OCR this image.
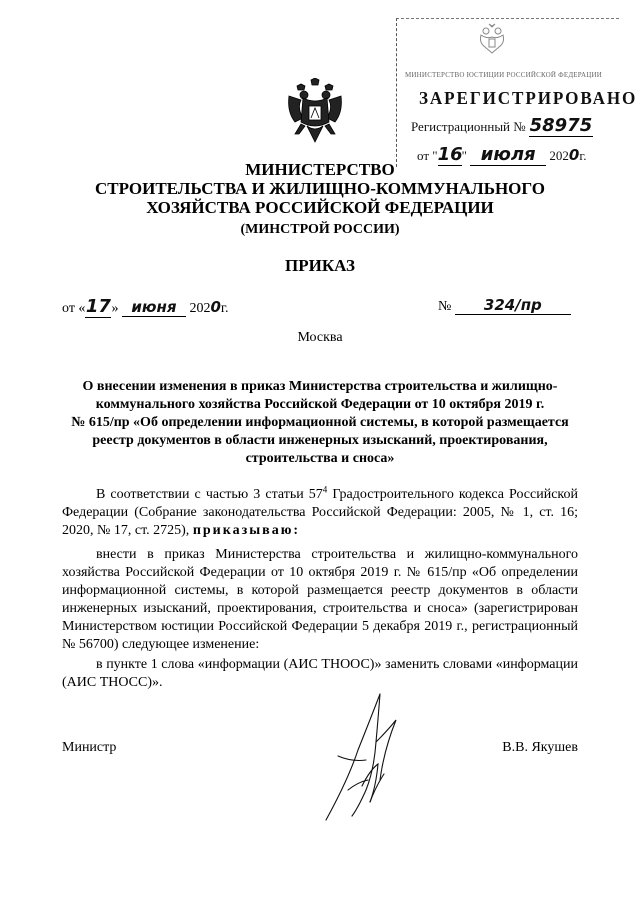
МИНИСТЕРСТВО ЮСТИЦИИ РОССИЙСКОЙ ФЕДЕРАЦИИ
ЗАРЕГИСТРИРОВАНО
Регистрационный № 58975
от "16" июля 2020г.
МИНИСТЕРСТВО
СТРОИТЕЛЬСТВА И ЖИЛИЩНО-КОММУНАЛЬНОГО
ХОЗЯЙСТВА РОССИЙСКОЙ ФЕДЕРАЦИИ
(МИНСТРОЙ РОССИИ)
ПРИКАЗ
от «17» июня 2020г.	№ 324/пр
Москва
О внесении изменения в приказ Министерства строительства и жилищно-
коммунального хозяйства Российской Федерации от 10 октября 2019 г.
№ 615/пр «Об определении информационной системы, в которой размещается
реестр документов в области инженерных изысканий, проектирования,
строительства и сноса»
В соответствии с частью 3 статьи $57^4$ Градостроительного кодекса Российской Федерации (Собрание законодательства Российской Федерации: 2005, № 1, ст. 16; 2020, № 17, ст. 2725), приказываю:
внести в приказ Министерства строительства и жилищно-коммунального хозяйства Российской Федерации от 10 октября 2019 г. № 615/пр «Об определении информационной системы, в которой размещается реестр документов в области инженерных изысканий, проектирования, строительства и сноса» (зарегистрирован Министерством юстиции Российской Федерации 5 декабря 2019 г., регистрационный № 56700) следующее изменение:
в пункте 1 слова «информации (АИС ТНООС)» заменить словами «информации (АИС ТНОСС)».
Министр	В.В. Якушев
